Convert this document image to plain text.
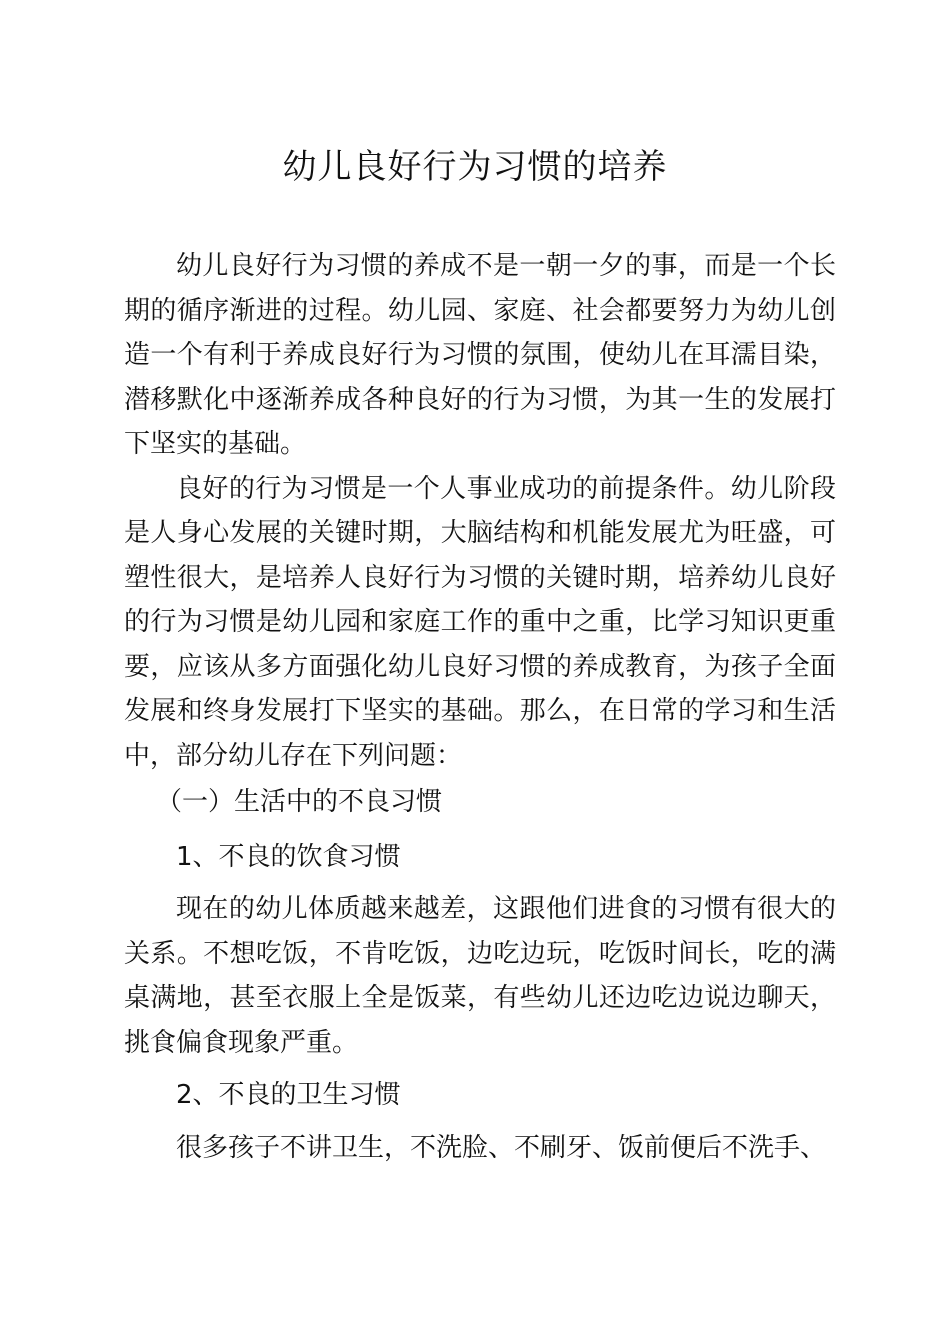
幼儿良好行为习惯的培养

幼儿良好行为习惯的养成不是一朝一夕的事，而是一个长期的循序渐进的过程。幼儿园、家庭、社会都要努力为幼儿创造一个有利于养成良好行为习惯的氛围，使幼儿在耳濡目染，潜移默化中逐渐养成各种良好的行为习惯，为其一生的发展打下坚实的基础。

良好的行为习惯是一个人事业成功的前提条件。幼儿阶段是人身心发展的关键时期，大脑结构和机能发展尤为旺盛，可塑性很大，是培养人良好行为习惯的关键时期，培养幼儿良好的行为习惯是幼儿园和家庭工作的重中之重，比学习知识更重要，应该从多方面强化幼儿良好习惯的养成教育，为孩子全面发展和终身发展打下坚实的基础。那么，在日常的学习和生活中，部分幼儿存在下列问题：

（一）生活中的不良习惯

1、不良的饮食习惯

现在的幼儿体质越来越差，这跟他们进食的习惯有很大的关系。不想吃饭，不肯吃饭，边吃边玩，吃饭时间长，吃的满桌满地，甚至衣服上全是饭菜，有些幼儿还边吃边说边聊天，挑食偏食现象严重。

2、不良的卫生习惯

很多孩子不讲卫生，不洗脸、不刷牙、饭前便后不洗手、
